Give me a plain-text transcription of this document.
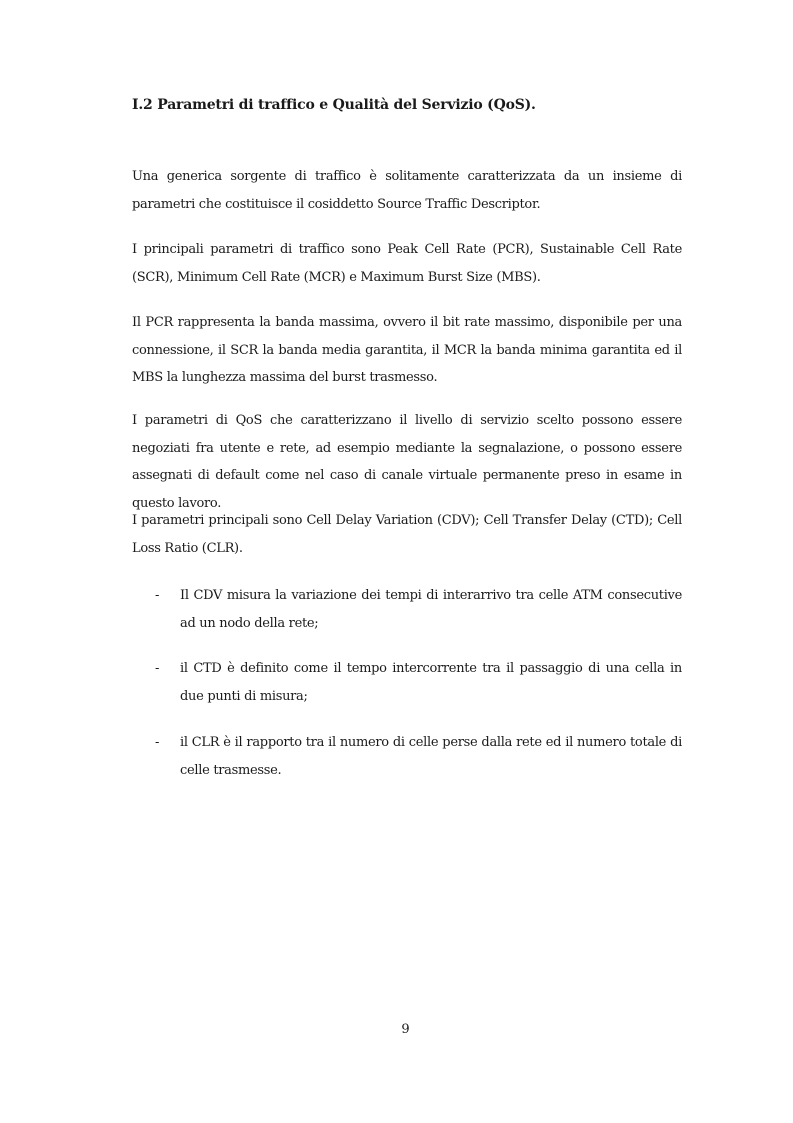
I.2 Parametri di traffico e Qualità del Servizio (QoS).

Una generica sorgente di traffico è solitamente caratterizzata da un insieme di parametri che costituisce il cosiddetto Source Traffic Descriptor.

I principali parametri di traffico sono Peak Cell Rate (PCR), Sustainable Cell Rate (SCR), Minimum Cell Rate (MCR) e Maximum Burst Size (MBS).

Il PCR rappresenta la banda massima, ovvero il bit rate massimo, disponibile per una connessione, il SCR la banda media garantita, il MCR la banda minima garantita ed il MBS la lunghezza massima del burst trasmesso.

I parametri di QoS che caratterizzano il livello di servizio scelto possono essere negoziati fra utente e rete, ad esempio mediante la segnalazione, o possono essere assegnati di default come nel caso di canale virtuale permanente preso in esame in questo lavoro.

I parametri principali sono Cell Delay Variation (CDV); Cell Transfer Delay (CTD); Cell Loss Ratio (CLR).

- Il CDV misura la variazione dei tempi di interarrivo tra celle ATM consecutive ad un nodo della rete;
- il CTD è definito come il tempo intercorrente tra il passaggio di una cella in due punti di misura;
- il CLR è il rapporto tra il numero di celle perse dalla rete ed il numero totale di celle trasmesse.
9
